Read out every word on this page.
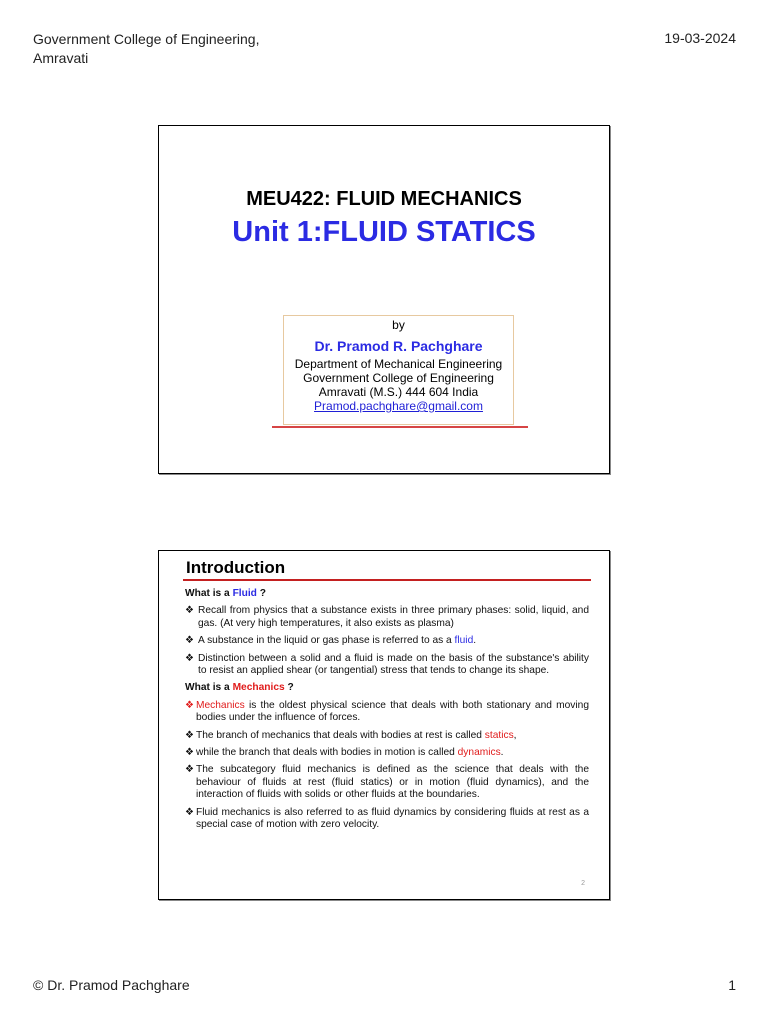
Government College of Engineering,
Amravati
19-03-2024
MEU422: FLUID MECHANICS
Unit 1:FLUID STATICS
by
Dr. Pramod R. Pachghare
Department of Mechanical Engineering
Government College of Engineering
Amravati (M.S.) 444 604 India
Pramod.pachghare@gmail.com
Introduction
What is a Fluid ?
❖ Recall from physics that a substance exists in three primary phases: solid, liquid, and gas. (At very high temperatures, it also exists as plasma)
❖ A substance in the liquid or gas phase is referred to as a fluid.
❖ Distinction between a solid and a fluid is made on the basis of the substance's ability to resist an applied shear (or tangential) stress that tends to change its shape.
What is a Mechanics ?
❖ Mechanics is the oldest physical science that deals with both stationary and moving bodies under the influence of forces.
❖ The branch of mechanics that deals with bodies at rest is called statics,
❖ while the branch that deals with bodies in motion is called dynamics.
❖ The subcategory fluid mechanics is defined as the science that deals with the behaviour of fluids at rest (fluid statics) or in motion (fluid dynamics), and the interaction of fluids with solids or other fluids at the boundaries.
❖ Fluid mechanics is also referred to as fluid dynamics by considering fluids at rest as a special case of motion with zero velocity.
2
© Dr. Pramod Pachghare	1
